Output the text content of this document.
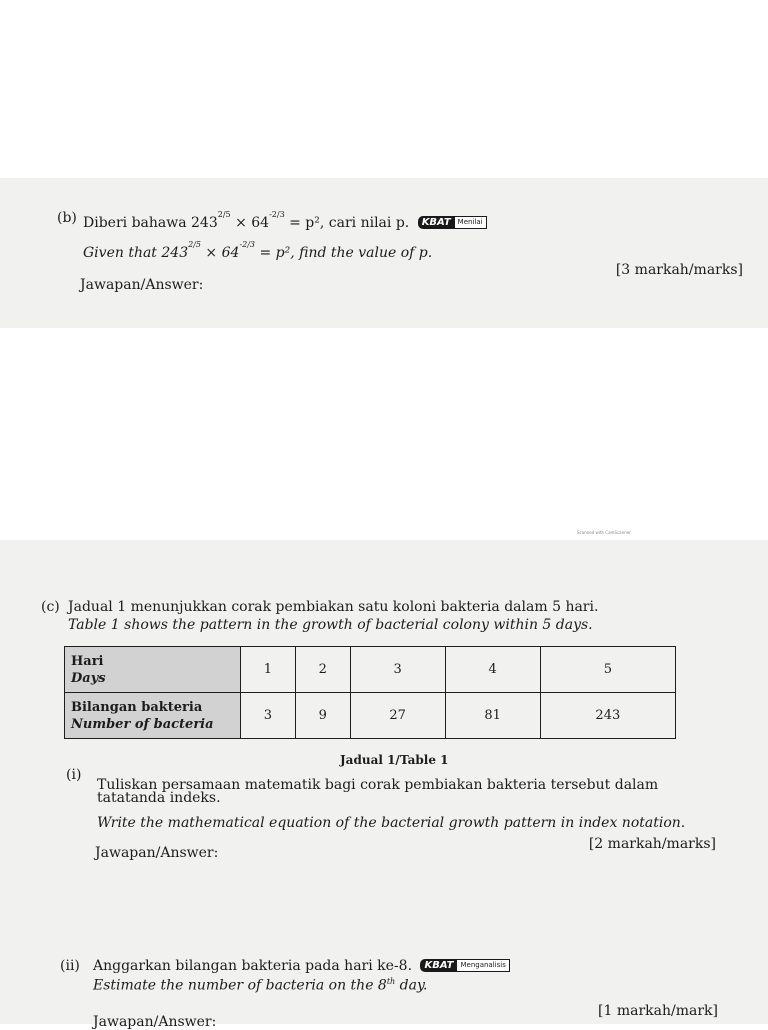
(b) Diberi bahawa $243^{2/5} \times 64^{-2/3} = p^2$, cari nilai p.	KBAT	Menilai
Given that $243^{2/5} \times 64^{-2/3} = p^2$, find the value of p.
[3 markah/marks]
Jawapan/Answer:
Scanned with CamScanner
(c) Jadual 1 menunjukkan corak pembiakan satu koloni bakteria dalam 5 hari.
Table 1 shows the pattern in the growth of bacterial colony within 5 days.
Hari
Days	1	2	3	4	5

Bilangan bakteria
Number of bacteria	3	9	27	81	243
Jadual 1/Table 1
(i)
Tuliskan persamaan matematik bagi corak pembiakan bakteria tersebut dalam
tatatanda indeks.
Write the mathematical equation of the bacterial growth pattern in index notation.
[2 markah/marks]
Jawapan/Answer:
(ii) Anggarkan bilangan bakteria pada hari ke-8.	KBAT	Menganalisis
Estimate the number of bacteria on the 8th day.
[1 markah/mark]
Jawapan/Answer:
